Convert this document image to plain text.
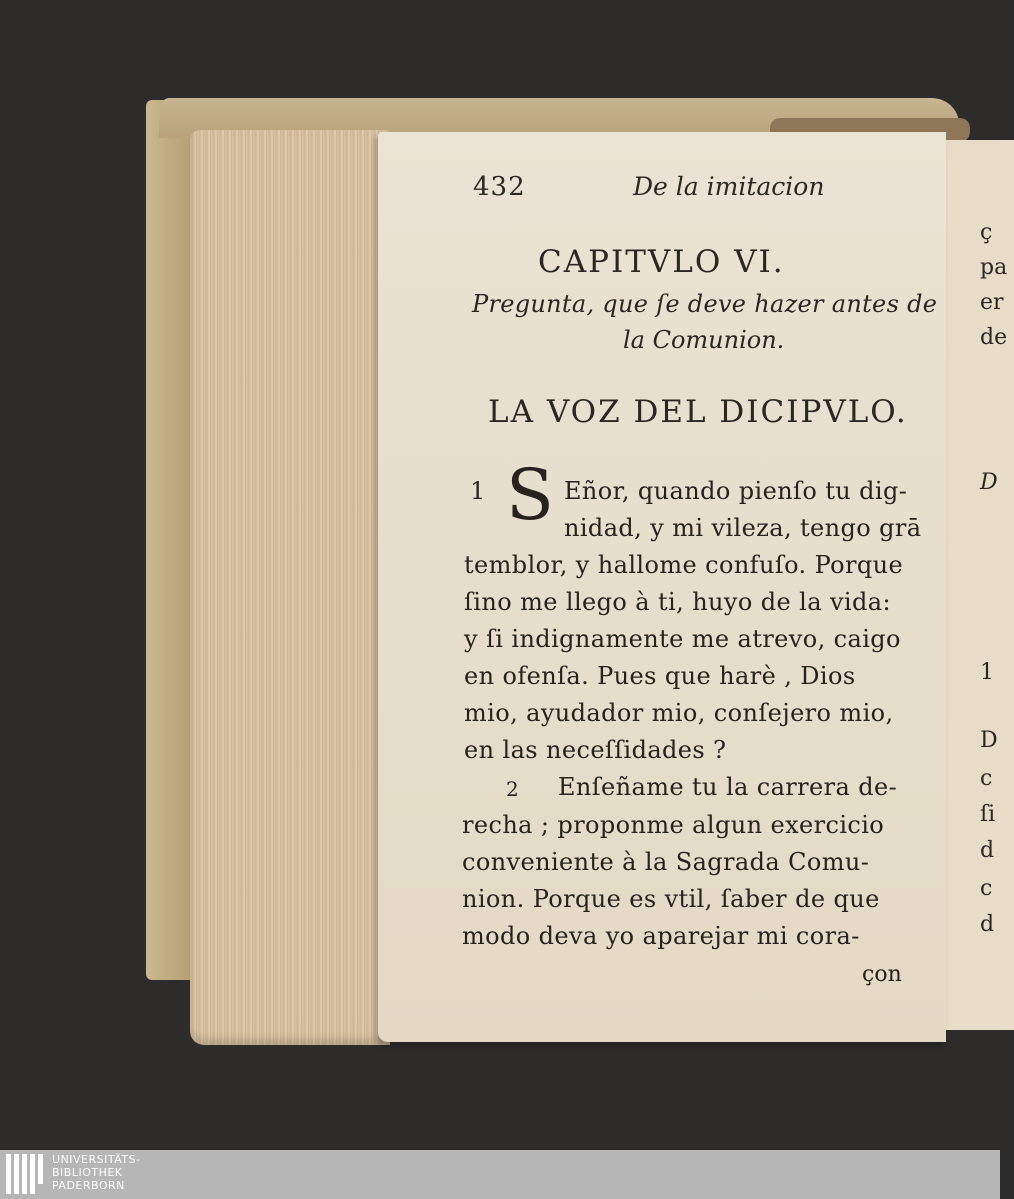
ç
pa
er
de
D
1
D
c
ſi
d
c
d
432	De la imitacion
CAPITVLO VI.
Pregunta, que ſe deve hazer antes de
la Comunion.
LA VOZ DEL DICIPVLO.
1 S Eñor, quando pienſo tu dig-
nidad, y mi vileza, tengo grā
temblor, y hallome confuſo. Porque
ſino me llego à ti, huyo de la vida:
y ſi indignamente me atrevo, caigo
en ofenſa. Pues que harè , Dios
mio, ayudador mio, conſejero mio,
en las neceſſidades ?
2 Enſeñame tu la carrera de-
recha ; proponme algun exercicio
conveniente à la Sagrada Comu-
nion. Porque es vtil, ſaber de que
modo deva yo aparejar mi cora-
çon
UNIVERSITÄTS-
BIBLIOTHEK
PADERBORN
